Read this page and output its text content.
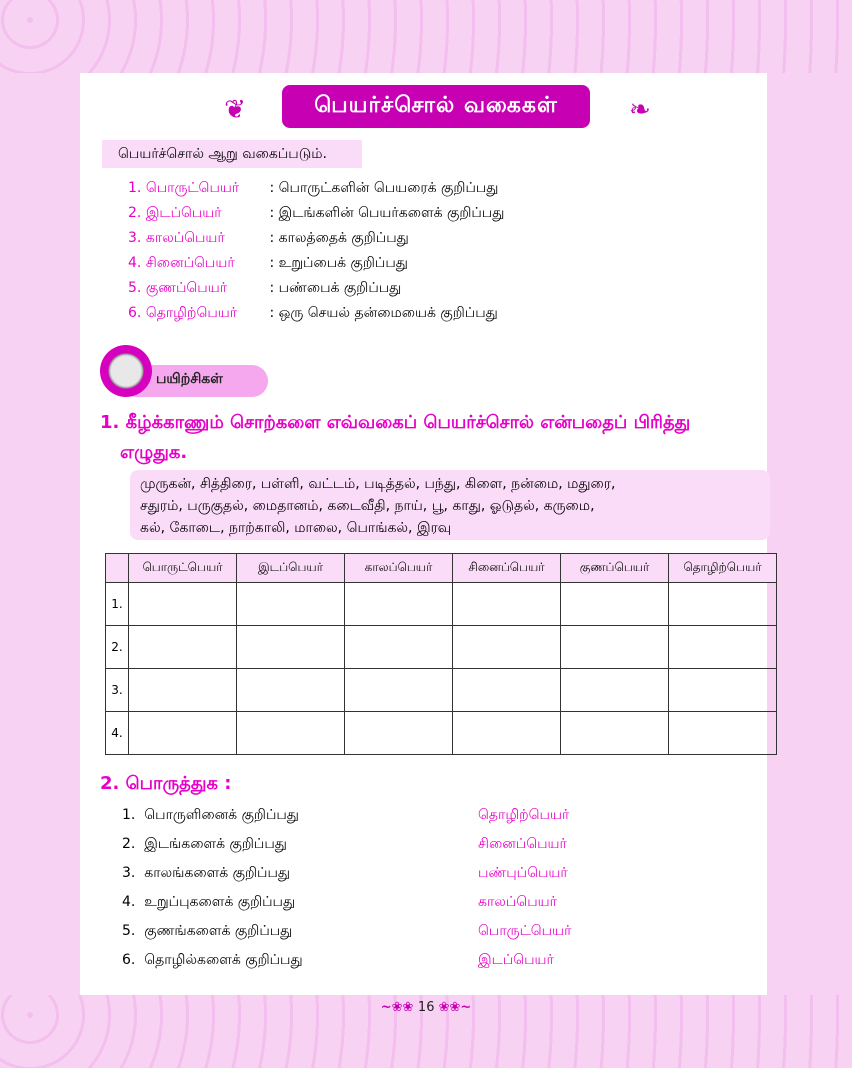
❦	பெயர்ச்சொல் வகைகள்	❧
பெயர்ச்சொல் ஆறு வகைப்படும்.
1. பொருட்பெயர் : பொருட்களின் பெயரைக் குறிப்பது
2. இடப்பெயர்	: இடங்களின் பெயர்களைக் குறிப்பது
3. காலப்பெயர்	: காலத்தைக் குறிப்பது
4. சினைப்பெயர் : உறுப்பைக் குறிப்பது
5. குணப்பெயர்	: பண்பைக் குறிப்பது
6. தொழிற்பெயர் : ஒரு செயல் தன்மையைக் குறிப்பது
பயிற்சிகள்
1. கீழ்க்காணும் சொற்களை எவ்வகைப் பெயர்ச்சொல் என்பதைப் பிரித்து
எழுதுக.
முருகன், சித்திரை, பள்ளி, வட்டம், படித்தல், பந்து, கிளை, நன்மை, மதுரை,
சதுரம், பருகுதல், மைதானம், கடைவீதி, நாய், பூ, காது, ஓடுதல், கருமை,
கல், கோடை, நாற்காலி, மாலை, பொங்கல், இரவு
	பொருட்பெயர்	இடப்பெயர்	காலப்பெயர்	சினைப்பெயர்	குணப்பெயர்	தொழிற்பெயர்
1.						
2.						
3.						
4.						
2. பொருத்துக :
1.  பொருளினைக் குறிப்பது	தொழிற்பெயர்
2.  இடங்களைக் குறிப்பது	சினைப்பெயர்
3.  காலங்களைக் குறிப்பது	பண்புப்பெயர்
4.  உறுப்புகளைக் குறிப்பது	காலப்பெயர்
5.  குணங்களைக் குறிப்பது	பொருட்பெயர்
6.  தொழில்களைக் குறிப்பது	இடப்பெயர்
~❀❀ 16 ❀❀~
